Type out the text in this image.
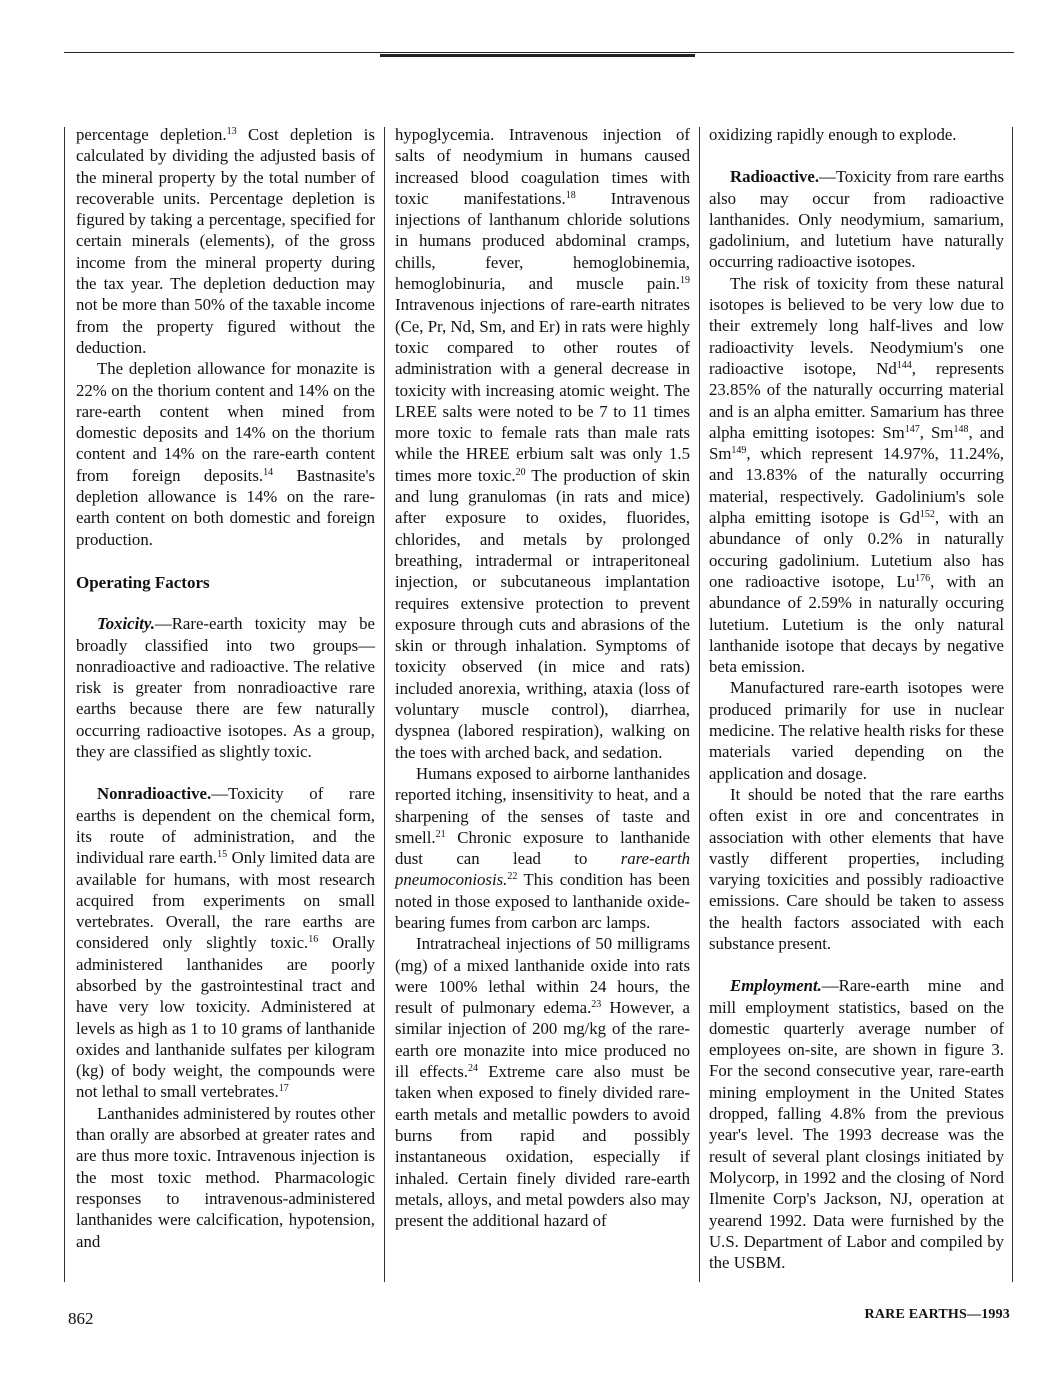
percentage depletion.$^{13}$ Cost depletion is calculated by dividing the adjusted basis of the mineral property by the total number of recoverable units. Percentage depletion is figured by taking a percentage, specified for certain minerals (elements), of the gross income from the mineral property during the tax year. The depletion deduction may not be more than 50% of the taxable income from the property figured without the deduction.

The depletion allowance for monazite is 22% on the thorium content and 14% on the rare-earth content when mined from domestic deposits and 14% on the thorium content and 14% on the rare-earth content from foreign deposits.$^{14}$ Bastnasite's depletion allowance is 14% on the rare-earth content on both domestic and foreign production.

Operating Factors

Toxicity.—Rare-earth toxicity may be broadly classified into two groups—nonradioactive and radioactive. The relative risk is greater from nonradioactive rare earths because there are few naturally occurring radioactive isotopes. As a group, they are classified as slightly toxic.

Nonradioactive.—Toxicity of rare earths is dependent on the chemical form, its route of administration, and the individual rare earth.$^{15}$ Only limited data are available for humans, with most research acquired from experiments on small vertebrates. Overall, the rare earths are considered only slightly toxic.$^{16}$ Orally administered lanthanides are poorly absorbed by the gastrointestinal tract and have very low toxicity. Administered at levels as high as 1 to 10 grams of lanthanide oxides and lanthanide sulfates per kilogram (kg) of body weight, the compounds were not lethal to small vertebrates.$^{17}$

Lanthanides administered by routes other than orally are absorbed at greater rates and are thus more toxic. Intravenous injection is the most toxic method. Pharmacologic responses to intravenous-administered lanthanides were calcification, hypotension, and

hypoglycemia. Intravenous injection of salts of neodymium in humans caused increased blood coagulation times with toxic manifestations.$^{18}$ Intravenous injections of lanthanum chloride solutions in humans produced abdominal cramps, chills, fever, hemoglobinemia, hemoglobinuria, and muscle pain.$^{19}$ Intravenous injections of rare-earth nitrates (Ce, Pr, Nd, Sm, and Er) in rats were highly toxic compared to other routes of administration with a general decrease in toxicity with increasing atomic weight. The LREE salts were noted to be 7 to 11 times more toxic to female rats than male rats while the HREE erbium salt was only 1.5 times more toxic.$^{20}$ The production of skin and lung granulomas (in rats and mice) after exposure to oxides, fluorides, chlorides, and metals by prolonged breathing, intradermal or intraperitoneal injection, or subcutaneous implantation requires extensive protection to prevent exposure through cuts and abrasions of the skin or through inhalation. Symptoms of toxicity observed (in mice and rats) included anorexia, writhing, ataxia (loss of voluntary muscle control), diarrhea, dyspnea (labored respiration), walking on the toes with arched back, and sedation.

Humans exposed to airborne lanthanides reported itching, insensitivity to heat, and a sharpening of the senses of taste and smell.$^{21}$ Chronic exposure to lanthanide dust can lead to rare-earth pneumoconiosis.$^{22}$ This condition has been noted in those exposed to lanthanide oxide-bearing fumes from carbon arc lamps.

Intratracheal injections of 50 milligrams (mg) of a mixed lanthanide oxide into rats were 100% lethal within 24 hours, the result of pulmonary edema.$^{23}$ However, a similar injection of 200 mg/kg of the rare-earth ore monazite into mice produced no ill effects.$^{24}$ Extreme care also must be taken when exposed to finely divided rare-earth metals and metallic powders to avoid burns from rapid and possibly instantaneous oxidation, especially if inhaled. Certain finely divided rare-earth metals, alloys, and metal powders also may present the additional hazard of

oxidizing rapidly enough to explode.

Radioactive.—Toxicity from rare earths also may occur from radioactive lanthanides. Only neodymium, samarium, gadolinium, and lutetium have naturally occurring radioactive isotopes.

The risk of toxicity from these natural isotopes is believed to be very low due to their extremely long half-lives and low radioactivity levels. Neodymium's one radioactive isotope, Nd$^{144}$, represents 23.85% of the naturally occurring material and is an alpha emitter. Samarium has three alpha emitting isotopes: Sm$^{147}$, Sm$^{148}$, and Sm$^{149}$, which represent 14.97%, 11.24%, and 13.83% of the naturally occurring material, respectively. Gadolinium's sole alpha emitting isotope is Gd$^{152}$, with an abundance of only 0.2% in naturally occuring gadolinium. Lutetium also has one radioactive isotope, Lu$^{176}$, with an abundance of 2.59% in naturally occuring lutetium. Lutetium is the only natural lanthanide isotope that decays by negative beta emission.

Manufactured rare-earth isotopes were produced primarily for use in nuclear medicine. The relative health risks for these materials varied depending on the application and dosage.

It should be noted that the rare earths often exist in ore and concentrates in association with other elements that have vastly different properties, including varying toxicities and possibly radioactive emissions. Care should be taken to assess the health factors associated with each substance present.

Employment.—Rare-earth mine and mill employment statistics, based on the domestic quarterly average number of employees on-site, are shown in figure 3. For the second consecutive year, rare-earth mining employment in the United States dropped, falling 4.8% from the previous year's level. The 1993 decrease was the result of several plant closings initiated by Molycorp, in 1992 and the closing of Nord Ilmenite Corp's Jackson, NJ, operation at yearend 1992. Data were furnished by the U.S. Department of Labor and compiled by the USBM.

862	RARE EARTHS—1993
